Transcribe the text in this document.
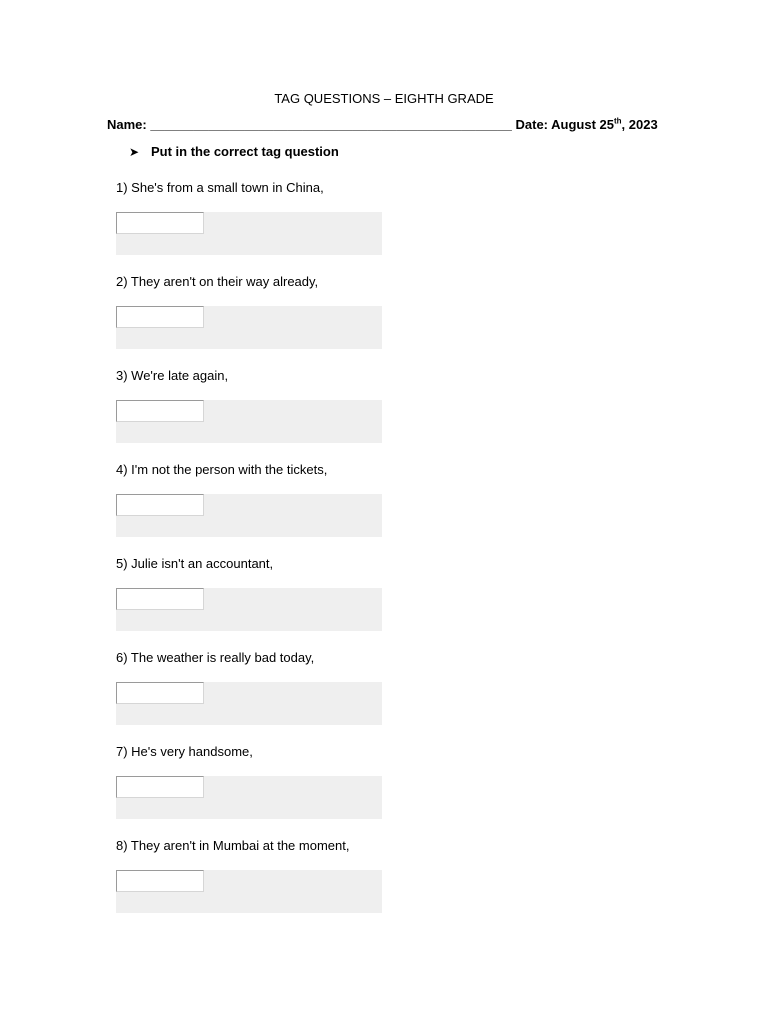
TAG QUESTIONS – EIGHTH GRADE
Name: __________________________________________________ Date: August 25th, 2023
➤ Put in the correct tag question
1) She's from a small town in China,
2) They aren't on their way already,
3) We're late again,
4) I'm not the person with the tickets,
5) Julie isn't an accountant,
6) The weather is really bad today,
7) He's very handsome,
8) They aren't in Mumbai at the moment,
